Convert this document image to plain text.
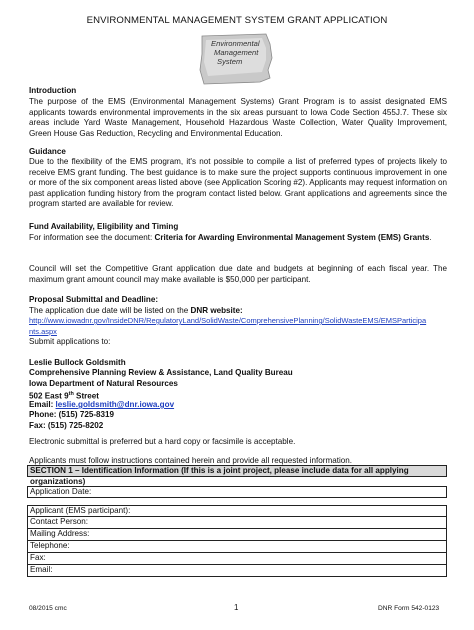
ENVIRONMENTAL MANAGEMENT SYSTEM GRANT APPLICATION
Environmental
Management
System
Introduction
The purpose of the EMS (Environmental Management Systems) Grant Program is to assist designated EMS applicants towards environmental improvements in the six areas pursuant to Iowa Code Section 455J.7. These six areas include Yard Waste Management, Household Hazardous Waste Collection, Water Quality Improvement, Green House Gas Reduction, Recycling and Environmental Education.
Guidance
Due to the flexibility of the EMS program, it's not possible to compile a list of preferred types of projects likely to receive EMS grant funding. The best guidance is to make sure the project supports continuous improvement in one or more of the six component areas listed above (see Application Scoring #2). Applicants may request information on past application funding history from the program contact listed below. Grant applications and agreements since the program started are available for review.
Fund Availability, Eligibility and Timing
For information see the document: Criteria for Awarding Environmental Management System (EMS) Grants.
Council will set the Competitive Grant application due date and budgets at beginning of each fiscal year. The maximum grant amount council may make available is $50,000 per participant.
Proposal Submittal and Deadline:
The application due date will be listed on the DNR website:
http://www.iowadnr.gov/InsideDNR/RegulatoryLand/SolidWaste/ComprehensivePlanning/SolidWasteEMS/EMSParticipa
nts.aspx
Submit applications to:
Leslie Bullock Goldsmith
Comprehensive Planning Review & Assistance, Land Quality Bureau
Iowa Department of Natural Resources
502 East 9th Street
Email: leslie.goldsmith@dnr.iowa.gov
Phone: (515) 725-8319
Fax: (515) 725-8202
Electronic submittal is preferred but a hard copy or facsimile is acceptable.
Applicants must follow instructions contained herein and provide all requested information.
SECTION 1 – Identification Information (If this is a joint project, please include data for all applying organizations)
Application Date:
Applicant (EMS participant):
Contact Person:
Mailing Address:
Telephone:
Fax:
Email:
08/2015 cmc	1	DNR Form 542-0123
